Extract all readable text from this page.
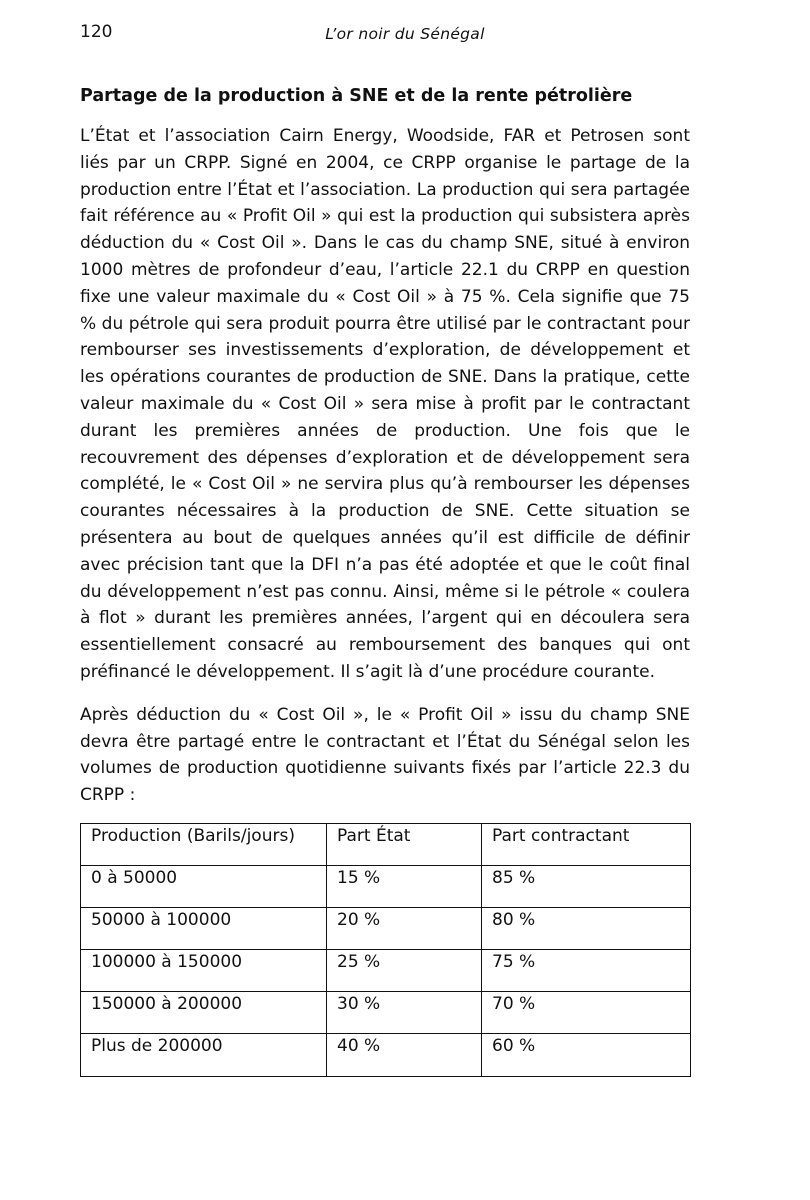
120	L’or noir du Sénégal
Partage de la production à SNE et de la rente pétrolière

L’État et l’association Cairn Energy, Woodside, FAR et Petrosen sont liés par un CRPP. Signé en 2004, ce CRPP organise le partage de la production entre l’État et l’association. La production qui sera partagée fait référence au « Profit Oil » qui est la production qui subsistera après déduction du « Cost Oil ». Dans le cas du champ SNE, situé à environ 1000 mètres de profondeur d’eau, l’article 22.1 du CRPP en question fixe une valeur maximale du « Cost Oil » à 75 %. Cela signifie que 75 % du pétrole qui sera produit pourra être utilisé par le contractant pour rembourser ses investissements d’exploration, de développement et les opérations courantes de production de SNE. Dans la pratique, cette valeur maximale du « Cost Oil » sera mise à profit par le contractant durant les premières années de production. Une fois que le recouvrement des dépenses d’exploration et de développement sera complété, le « Cost Oil » ne servira plus qu’à rembourser les dépenses courantes nécessaires à la production de SNE. Cette situation se présentera au bout de quelques années qu’il est difficile de définir avec précision tant que la DFI n’a pas été adoptée et que le coût final du développement n’est pas connu. Ainsi, même si le pétrole « coulera à flot » durant les premières années, l’argent qui en découlera sera essentiellement consacré au remboursement des banques qui ont préfinancé le développement. Il s’agit là d’une procédure courante.

Après déduction du « Cost Oil », le « Profit Oil » issu du champ SNE devra être partagé entre le contractant et l’État du Sénégal selon les volumes de production quotidienne suivants fixés par l’article 22.3 du CRPP :

Production (Barils/jours)	Part État	Part contractant

0 à 50000	15 %	85 %

50000 à 100000	20 %	80 %

100000 à 150000	25 %	75 %

150000 à 200000	30 %	70 %

Plus de 200000	40 %	60 %
